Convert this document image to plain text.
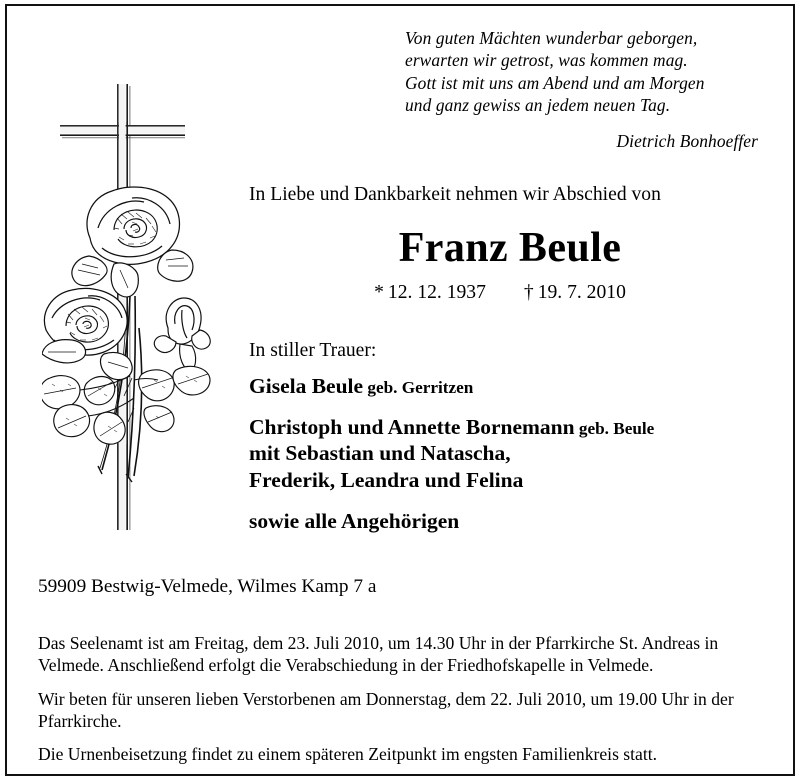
Von guten Mächten wunderbar geborgen,
erwarten wir getrost, was kommen mag.
Gott ist mit uns am Abend und am Morgen
und ganz gewiss an jedem neuen Tag.
Dietrich Bonhoeffer
In Liebe und Dankbarkeit nehmen wir Abschied von
Franz Beule
* 12. 12. 1937 † 19. 7. 2010
In stiller Trauer:
Gisela Beule geb. Gerritzen
Christoph und Annette Bornemann geb. Beule
mit Sebastian und Natascha,
Frederik, Leandra und Felina
sowie alle Angehörigen
59909 Bestwig-Velmede, Wilmes Kamp 7 a

Das Seelenamt ist am Freitag, dem 23. Juli 2010, um 14.30 Uhr in der Pfarrkirche St. Andreas in Velmede. Anschließend erfolgt die Verabschiedung in der Friedhofskapelle in Velmede.

Wir beten für unseren lieben Verstorbenen am Donnerstag, dem 22. Juli 2010, um 19.00 Uhr in der Pfarrkirche.

Die Urnenbeisetzung findet zu einem späteren Zeitpunkt im engsten Familienkreis statt.
